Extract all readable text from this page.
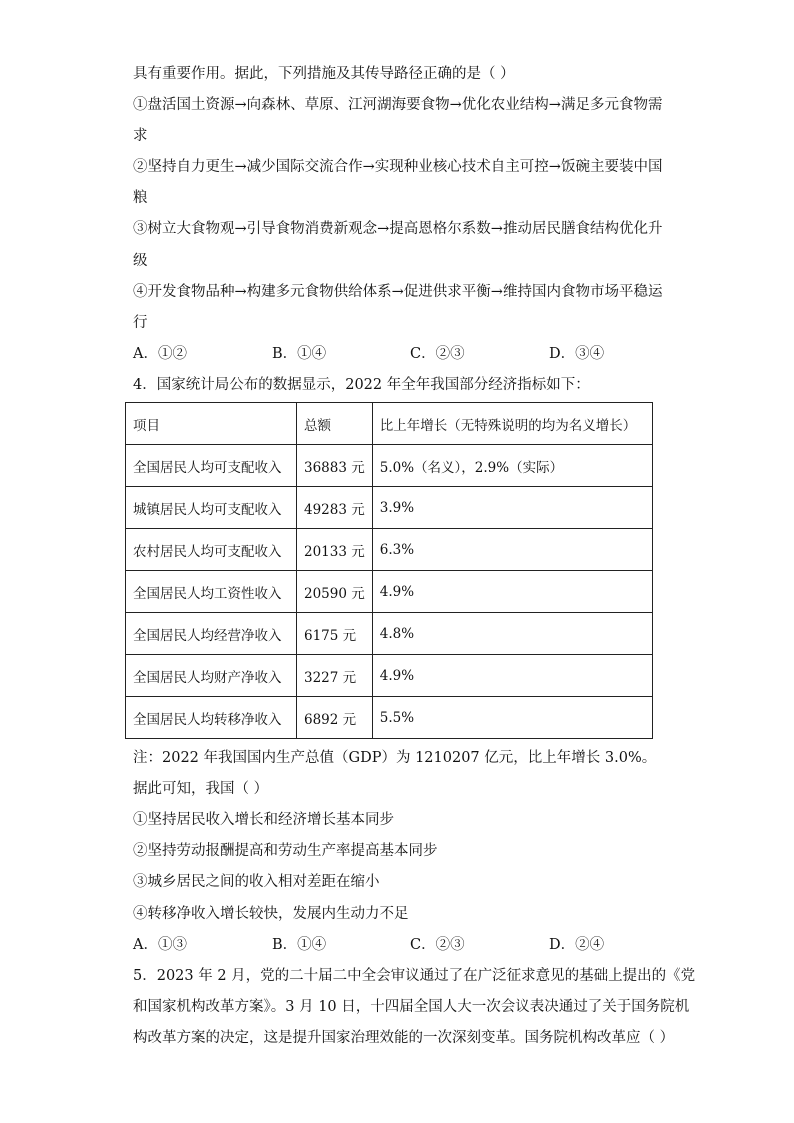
具有重要作用。据此，下列措施及其传导路径正确的是（ ）
①盘活国土资源→向森林、草原、江河湖海要食物→优化农业结构→满足多元食物需
求
②坚持自力更生→减少国际交流合作→实现种业核心技术自主可控→饭碗主要装中国
粮
③树立大食物观→引导食物消费新观念→提高恩格尔系数→推动居民膳食结构优化升
级
④开发食物品种→构建多元食物供给体系→促进供求平衡→维持国内食物市场平稳运
行
A．①②	B．①④	C．②③	D．③④
4．国家统计局公布的数据显示，2022 年全年我国部分经济指标如下：
项目	总额	比上年增长（无特殊说明的均为名义增长）
全国居民人均可支配收入	36883 元	5.0%（名义），2.9%（实际）
城镇居民人均可支配收入	49283 元	3.9%
农村居民人均可支配收入	20133 元	6.3%
全国居民人均工资性收入	20590 元	4.9%
全国居民人均经营净收入	6175 元	4.8%
全国居民人均财产净收入	3227 元	4.9%
全国居民人均转移净收入	6892 元	5.5%
注：2022 年我国国内生产总值（GDP）为 1210207 亿元，比上年增长 3.0%。
据此可知，我国（ ）
①坚持居民收入增长和经济增长基本同步
②坚持劳动报酬提高和劳动生产率提高基本同步
③城乡居民之间的收入相对差距在缩小
④转移净收入增长较快，发展内生动力不足
A．①③	B．①④	C．②③	D．②④
5．2023 年 2 月，党的二十届二中全会审议通过了在广泛征求意见的基础上提出的《党
和国家机构改革方案》。3 月 10 日，十四届全国人大一次会议表决通过了关于国务院机
构改革方案的决定，这是提升国家治理效能的一次深刻变革。国务院机构改革应（ ）
